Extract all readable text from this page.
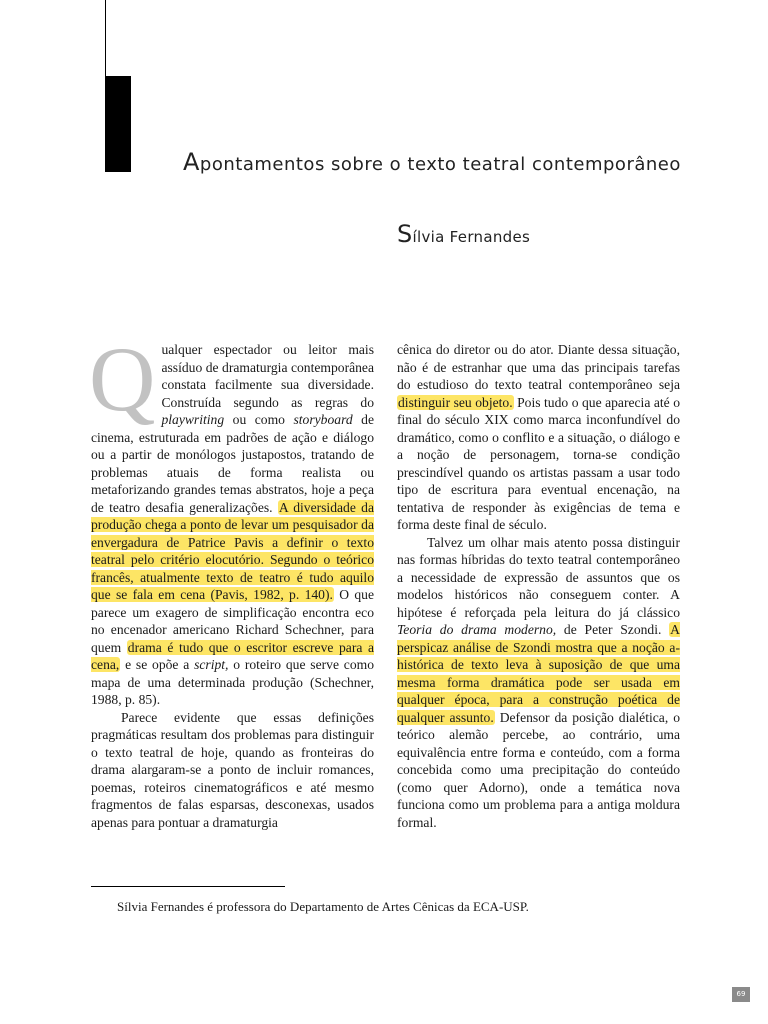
Apontamentos sobre o texto teatral contemporâneo

Sílvia Fernandes

Qualquer espectador ou leitor mais assíduo de dramaturgia contemporânea constata facilmente sua diversidade. Construída segundo as regras do playwriting ou como storyboard de cinema, estruturada em padrões de ação e diálogo ou a partir de monólogos justapostos, tratando de problemas atuais de forma realista ou metaforizando grandes temas abstratos, hoje a peça de teatro desafia generalizações. A diversidade da produção chega a ponto de levar um pesquisador da envergadura de Patrice Pavis a definir o texto teatral pelo critério elocutório. Segundo o teórico francês, atualmente texto de teatro é tudo aquilo que se fala em cena (Pavis, 1982, p. 140). O que parece um exagero de simplificação encontra eco no encenador americano Richard Schechner, para quem drama é tudo que o escritor escreve para a cena, e se opõe a script, o roteiro que serve como mapa de uma determinada produção (Schechner, 1988, p. 85).

Parece evidente que essas definições pragmáticas resultam dos problemas para distinguir o texto teatral de hoje, quando as fronteiras do drama alargaram-se a ponto de incluir romances, poemas, roteiros cinematográficos e até mesmo fragmentos de falas esparsas, desconexas, usados apenas para pontuar a dramaturgia

cênica do diretor ou do ator. Diante dessa situação, não é de estranhar que uma das principais tarefas do estudioso do texto teatral contemporâneo seja distinguir seu objeto. Pois tudo o que aparecia até o final do século XIX como marca inconfundível do dramático, como o conflito e a situação, o diálogo e a noção de personagem, torna-se condição prescindível quando os artistas passam a usar todo tipo de escritura para eventual encenação, na tentativa de responder às exigências de tema e forma deste final de século.

Talvez um olhar mais atento possa distinguir nas formas híbridas do texto teatral contemporâneo a necessidade de expressão de assuntos que os modelos históricos não conseguem conter. A hipótese é reforçada pela leitura do já clássico Teoria do drama moderno, de Peter Szondi. A perspicaz análise de Szondi mostra que a noção a-histórica de texto leva à suposição de que uma mesma forma dramática pode ser usada em qualquer época, para a construção poética de qualquer assunto. Defensor da posição dialética, o teórico alemão percebe, ao contrário, uma equivalência entre forma e conteúdo, com a forma concebida como uma precipitação do conteúdo (como quer Adorno), onde a temática nova funciona como um problema para a antiga moldura formal.

Sílvia Fernandes é professora do Departamento de Artes Cênicas da ECA-USP.

69
